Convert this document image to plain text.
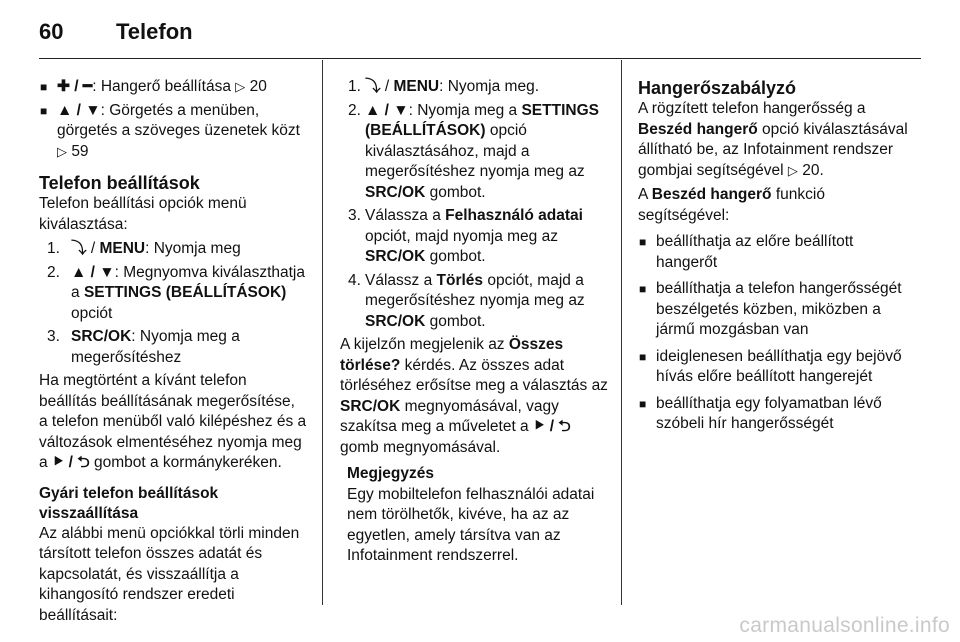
60 Telefon
■ ✚ / ━: Hangerő beállítása ▷ 20
■ ▲ / ▼: Görgetés a menüben, görgetés a szöveges üzenetek közt ▷ 59
Telefon beállítások

Telefon beállítási opciók menü kiválasztása:

1. ⤵ / MENU: Nyomja meg
2. ▲ / ▼: Megnyomva kiválaszthatja a SETTINGS (BEÁLLÍTÁSOK) opciót
3. SRC/OK: Nyomja meg a megerősítéshez

Ha megtörtént a kívánt telefon beállítás beállításának megerősítése, a telefon menüből való kilépéshez és a változások elmentéséhez nyomja meg a ⯈ / ⮌ gombot a kormánykeréken.

Gyári telefon beállítások visszaállítása

Az alábbi menü opciókkal törli minden társított telefon összes adatát és kapcsolatát, és visszaállítja a kihangosító rendszer eredeti beállításait:

1. ⤵ / MENU: Nyomja meg.
2. ▲ / ▼: Nyomja meg a SETTINGS (BEÁLLÍTÁSOK) opció kiválasztásához, majd a megerősítéshez nyomja meg az SRC/OK gombot.
3. Válassza a Felhasználó adatai opciót, majd nyomja meg az SRC/OK gombot.
4. Válassz a Törlés opciót, majd a megerősítéshez nyomja meg az SRC/OK gombot.

A kijelzőn megjelenik az Összes törlése? kérdés. Az összes adat törléséhez erősítse meg a választás az SRC/OK megnyomásával, vagy szakítsa meg a műveletet a ⯈ / ⮌ gomb megnyomásával.

Megjegyzés
Egy mobiltelefon felhasználói adatai nem törölhetők, kivéve, ha az az egyetlen, amely társítva van az Infotainment rendszerrel.
Hangerőszabályzó

A rögzített telefon hangerősség a Beszéd hangerő opció kiválasztásával állítható be, az Infotainment rendszer gombjai segítségével ▷ 20.

A Beszéd hangerő funkció segítségével:

■ beállíthatja az előre beállított hangerőt
■ beállíthatja a telefon hangerősségét beszélgetés közben, miközben a jármű mozgásban van
■ ideiglenesen beállíthatja egy bejövő hívás előre beállított hangerejét
■ beállíthatja egy folyamatban lévő szóbeli hír hangerősségét
carmanualsonline.info
